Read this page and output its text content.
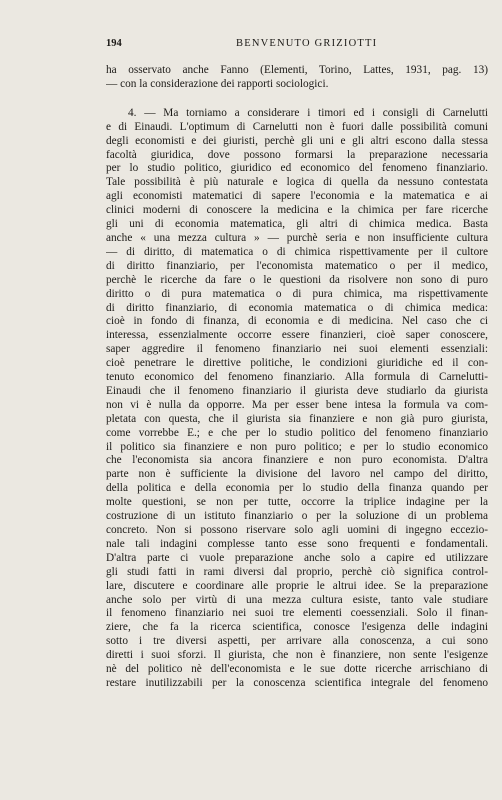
194	BENVENUTO GRIZIOTTI

ha osservato anche Fanno (Elementi, Torino, Lattes, 1931, pag. 13)
— con la considerazione dei rapporti sociologici.

4. — Ma torniamo a considerare i timori ed i consigli di Carnelutti
e di Einaudi. L'optimum di Carnelutti non è fuori dalle possibilità comuni
degli economisti e dei giuristi, perchè gli uni e gli altri escono dalla stessa
facoltà giuridica, dove possono formarsi la preparazione necessaria
per lo studio politico, giuridico ed economico del fenomeno finanziario.
Tale possibilità è più naturale e logica di quella da nessuno contestata
agli economisti matematici di sapere l'economia e la matematica e ai
clinici moderni di conoscere la medicina e la chimica per fare ricerche
gli uni di economia matematica, gli altri di chimica medica. Basta
anche « una mezza cultura » — purchè seria e non insufficiente cultura
— di diritto, di matematica o di chimica rispettivamente per il cultore
di diritto finanziario, per l'economista matematico o per il medico,
perchè le ricerche da fare o le questioni da risolvere non sono di puro
diritto o di pura matematica o di pura chimica, ma rispettivamente
di diritto finanziario, di economia matematica o di chimica medica:
cioè in fondo di finanza, di economia e di medicina. Nel caso che ci
interessa, essenzialmente occorre essere finanzieri, cioè saper conoscere,
saper aggredire il fenomeno finanziario nei suoi elementi essenziali:
cioè penetrare le direttive politiche, le condizioni giuridiche ed il con-
tenuto economico del fenomeno finanziario. Alla formula di Carnelutti-
Einaudi che il fenomeno finanziario il giurista deve studiarlo da giurista
non vi è nulla da opporre. Ma per esser bene intesa la formula va com-
pletata con questa, che il giurista sia finanziere e non già puro giurista,
come vorrebbe E.; e che per lo studio politico del fenomeno finanziario
il politico sia finanziere e non puro politico; e per lo studio economico
che l'economista sia ancora finanziere e non puro economista. D'altra
parte non è sufficiente la divisione del lavoro nel campo del diritto,
della politica e della economia per lo studio della finanza quando per
molte questioni, se non per tutte, occorre la triplice indagine per la
costruzione di un istituto finanziario o per la soluzione di un problema
concreto. Non si possono riservare solo agli uomini di ingegno eccezio-
nale tali indagini complesse tanto esse sono frequenti e fondamentali.
D'altra parte ci vuole preparazione anche solo a capire ed utilizzare
gli studi fatti in rami diversi dal proprio, perchè ciò significa control-
lare, discutere e coordinare alle proprie le altrui idee. Se la preparazione
anche solo per virtù di una mezza cultura esiste, tanto vale studiare
il fenomeno finanziario nei suoi tre elementi coessenziali. Solo il finan-
ziere, che fa la ricerca scientifica, conosce l'esigenza delle indagini
sotto i tre diversi aspetti, per arrivare alla conoscenza, a cui sono
diretti i suoi sforzi. Il giurista, che non è finanziere, non sente l'esigenze
nè del politico nè dell'economista e le sue dotte ricerche arrischiano di
restare inutilizzabili per la conoscenza scientifica integrale del fenomeno
